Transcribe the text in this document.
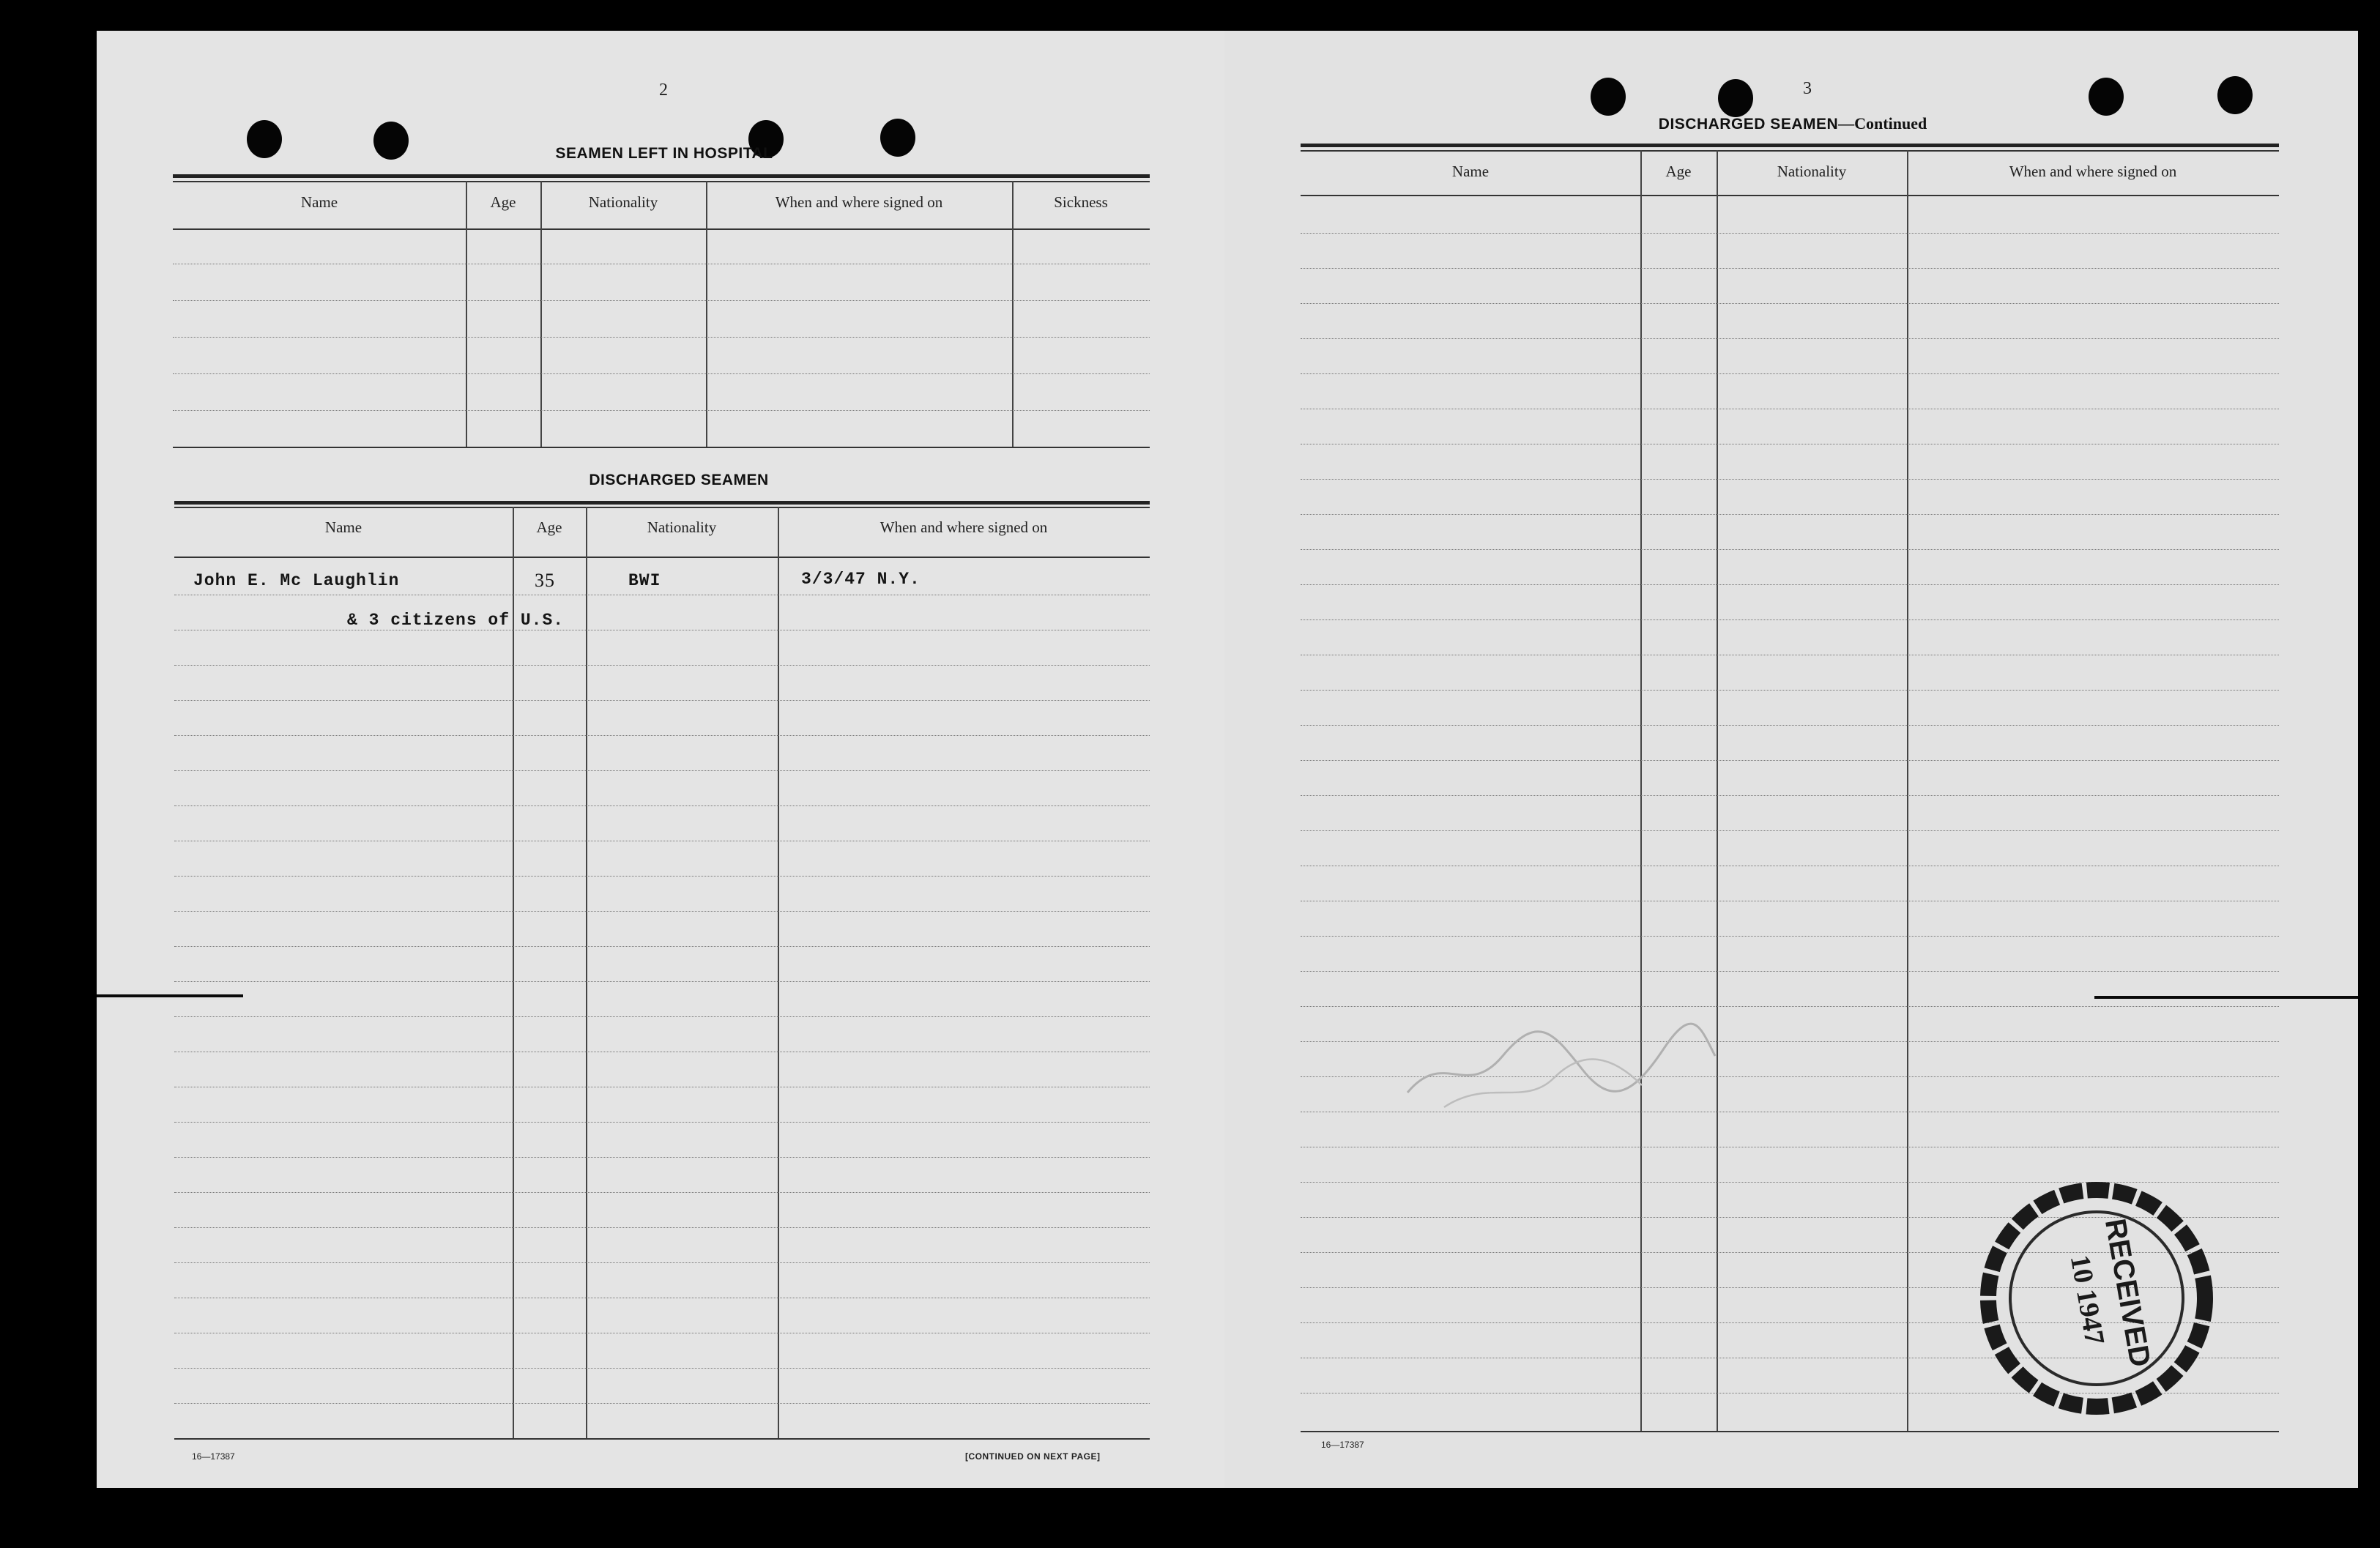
2
SEAMEN LEFT IN HOSPITAL
Name	Age	Nationality	When and where signed on	Sickness
DISCHARGED SEAMEN
Name	Age	Nationality	When and where signed on
John E. Mc Laughlin	35	BWI	3/3/47 N.Y.
& 3 citizens of U.S.
16—17387	[CONTINUED ON NEXT PAGE]
3
DISCHARGED SEAMEN—Continued
Name	Age	Nationality	When and where signed on
16—17387
RECEIVED
10 1947
